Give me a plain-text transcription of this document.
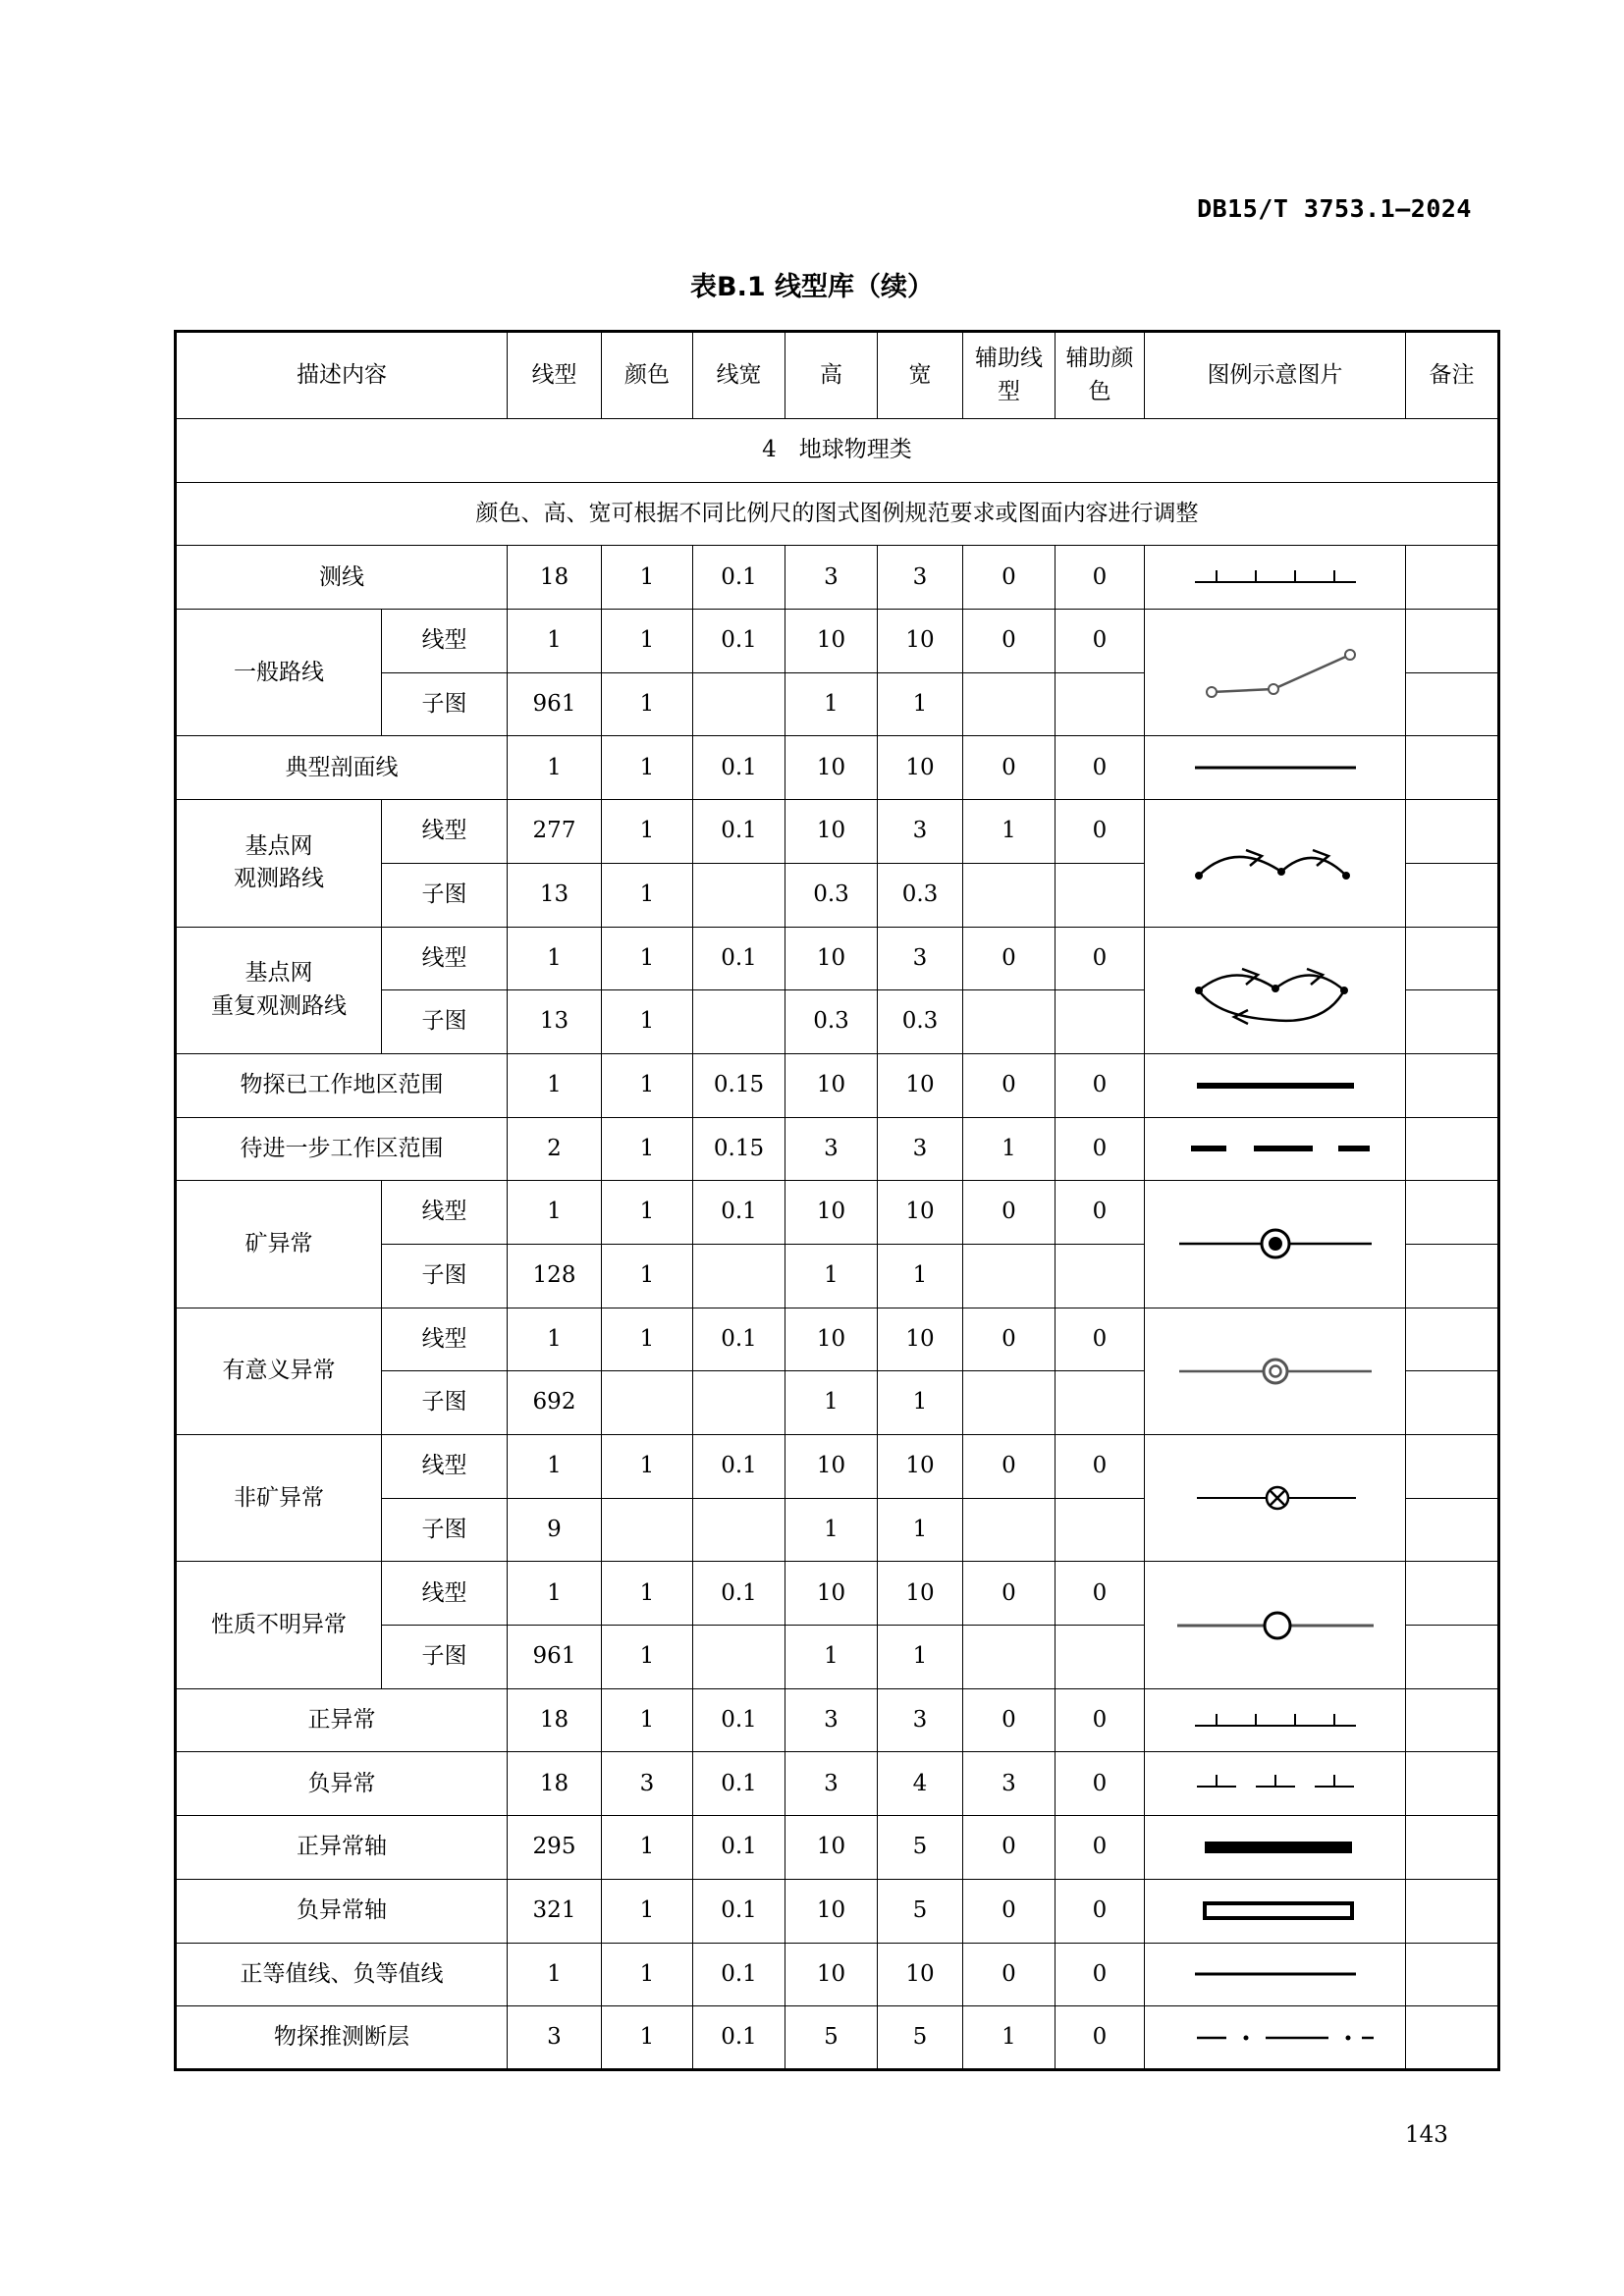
DB15/T 3753.1—2024
表B.1 线型库（续）
描述内容		线型	颜色	线宽	高	宽	辅助线型	辅助颜色	图例示意图片	备注
4　地球物理类										
颜色、高、宽可根据不同比例尺的图式图例规范要求或图面内容进行调整										
测线		18	1	0.1	3	3	0	0	

一般路线	线型	1	1	0.1	10	10	0	0	

	子图	961	1		1	1				
典型剖面线		1	1	0.1	10	10	0	0	

基点网
观测路线	线型	277	1	0.1	10	3	1	0	

	子图	13	1		0.3	0.3				
基点网
重复观测路线	线型	1	1	0.1	10	3	0	0	

	子图	13	1		0.3	0.3				
物探已工作地区范围		1	1	0.15	10	10	0	0	

待进一步工作区范围		2	1	0.15	3	3	1	0	

矿异常	线型	1	1	0.1	10	10	0	0	

	子图	128	1		1	1				
有意义异常	线型	1	1	0.1	10	10	0	0	

	子图	692			1	1				
非矿异常	线型	1	1	0.1	10	10	0	0	

	子图	9			1	1				
性质不明异常	线型	1	1	0.1	10	10	0	0	

	子图	961	1		1	1				
正异常		18	1	0.1	3	3	0	0	

负异常		18	3	0.1	3	4	3	0	

正异常轴		295	1	0.1	10	5	0	0	

负异常轴		321	1	0.1	10	5	0	0	

正等值线、负等值线		1	1	0.1	10	10	0	0	

物探推测断层		3	1	0.1	5	5	1	0	

143
